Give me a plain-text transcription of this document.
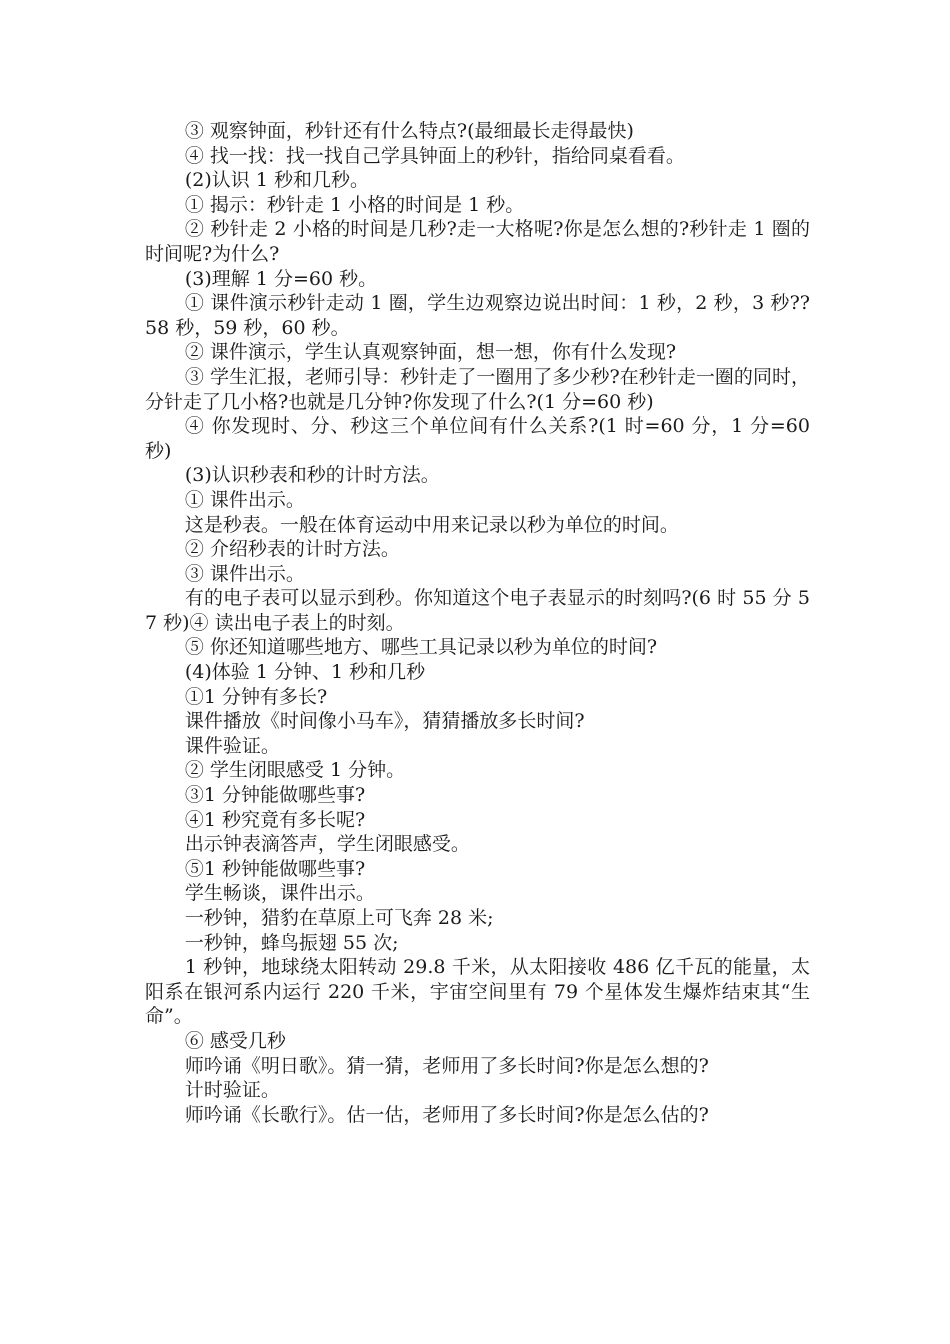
③ 观察钟面，秒针还有什么特点?(最细最长走得最快)

④ 找一找：找一找自己学具钟面上的秒针，指给同桌看看。

(2)认识 1 秒和几秒。

① 揭示：秒针走 1 小格的时间是 1 秒。

② 秒针走 2 小格的时间是几秒?走一大格呢?你是怎么想的?秒针走 1 圈的时间呢?为什么?

(3)理解 1 分=60 秒。

① 课件演示秒针走动 1 圈，学生边观察边说出时间：1 秒，2 秒，3 秒??58 秒，59 秒，60 秒。

② 课件演示，学生认真观察钟面，想一想，你有什么发现?

③ 学生汇报，老师引导：秒针走了一圈用了多少秒?在秒针走一圈的同时，分针走了几小格?也就是几分钟?你发现了什么?(1 分=60 秒)

④ 你发现时、分、秒这三个单位间有什么关系?(1 时=60 分，1 分=60 秒)

(3)认识秒表和秒的计时方法。

① 课件出示。

这是秒表。一般在体育运动中用来记录以秒为单位的时间。

② 介绍秒表的计时方法。

③ 课件出示。

有的电子表可以显示到秒。你知道这个电子表显示的时刻吗?(6 时 55 分 57 秒)④ 读出电子表上的时刻。

⑤ 你还知道哪些地方、哪些工具记录以秒为单位的时间?

(4)体验 1 分钟、1 秒和几秒

①1 分钟有多长?

课件播放《时间像小马车》，猜猜播放多长时间?

课件验证。

② 学生闭眼感受 1 分钟。

③1 分钟能做哪些事?

④1 秒究竟有多长呢?

出示钟表滴答声，学生闭眼感受。

⑤1 秒钟能做哪些事?

学生畅谈，课件出示。

一秒钟，猎豹在草原上可飞奔 28 米;

一秒钟，蜂鸟振翅 55 次;

1 秒钟，地球绕太阳转动 29.8 千米，从太阳接收 486 亿千瓦的能量，太阳系在银河系内运行 220 千米，宇宙空间里有 79 个星体发生爆炸结束其“生命”。

⑥ 感受几秒

师吟诵《明日歌》。猜一猜，老师用了多长时间?你是怎么想的?

计时验证。

师吟诵《长歌行》。估一估，老师用了多长时间?你是怎么估的?
